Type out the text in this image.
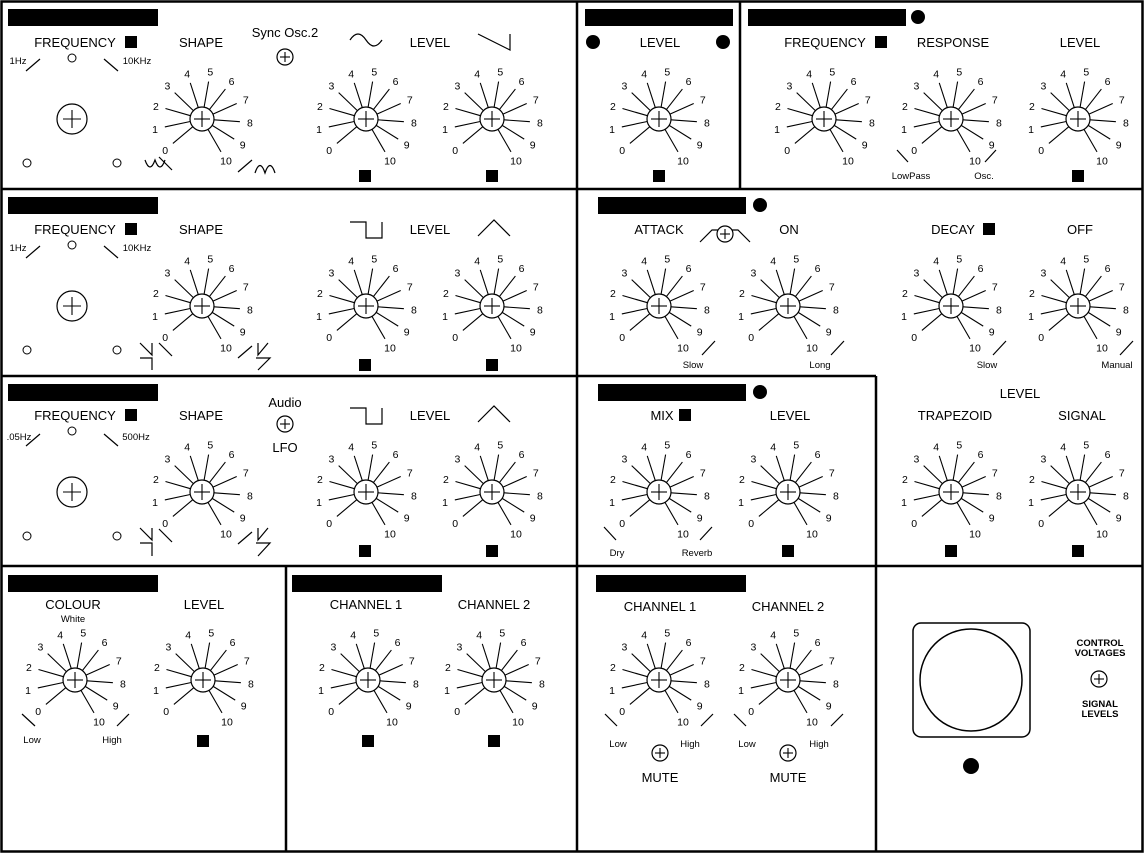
OSCILLATOR 1
FREQUENCY I
1Hz	10KHz
SHAPE
Sync Osc.2
LEVEL
0
1
2
3
4 5
6
7
8
9
10
0
1
2
3
4 5
6
7
8
9
10
0
1
2
3
4 5
6
7
8
9
10
1	2
RING MODULATOR
E	F
LEVEL
0
1
2
3
4 5
6
7
8
9
10
13
FILTER / OSCILLATOR N
FREQUENCY H RESPONSE	LEVEL
0
1
2
3
4 5
6
7
8
9
10
0
1
2
3
4 5
6
7
8
9
10
0
1
2
3
4 5
6
7
8
9
10
LowPass	Osc.	10
OSCILLATOR 2
FREQUENCY J
1Hz	10KHz
SHAPE	LEVEL
0
1
2
3
4 5
6
7
8
9
10
0
1
2
3
4 5
6
7
8
9
10
0
1
2
3
4 5
6
7
8
9
10
3	4
ENVELOPE SHAPER D
ATTACK	ON	DECAY L	OFF
0
1
2
3
4 5
6
7
8
9
10
0
1
2
3
4 5
6
7
8
9
10
0
1
2
3
4 5
6
7
8
9
10
0
1
2
3
4 5
6
7
8
9
10
Slow	Long	Slow	Manual
OSCILLATOR 3
FREQUENCY K
.05Hz	500Hz
SHAPE
Audio
LFO
LEVEL
0
1
2
3
4 5
6
7
8
9
10
0
1
2
3
4 5
6
7
8
9
10
0
1
2
3
4 5
6
7
8
9
10
5	6
REVERBERATION	G
MIX M	LEVEL
0
1
2
3
4 5
6
7
8
9
10
0
1
2
3
4 5
6
7
8
9
10
Dry	Reverb	14
LEVEL
TRAPEZOID	SIGNAL
0
1
2
3
4 5
6
7
8
9
10
0
1
2
3
4 5
6
7
8
9
10
11	12
NOISE GENERATOR
COLOUR
White
LEVEL
0
1
2
3
4 5
6
7
8
9
10
0
1
2
3
4 5
6
7
8
9
10
Low	High	7
INPUT LEVEL
CHANNEL 1	CHANNEL 2
0
1
2
3
4 5
6
7
8
9
10
0
1
2
3
4 5
6
7
8
9
10
8	9
OUTPUT FILTER
CHANNEL 1	CHANNEL 2
0
1
2
3
4 5
6
7
8
9
10
0
1
2
3
4 5
6
7
8
9
10
Low	High	Low	High
MUTE	MUTE
A
CONTROL
VOLTAGES
SIGNAL
LEVELS
